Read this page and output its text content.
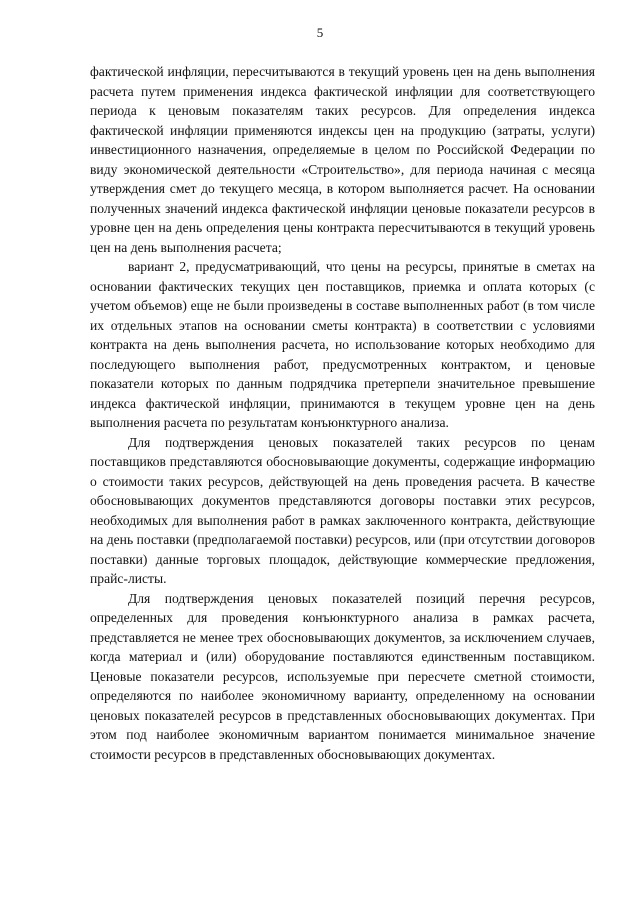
5

фактической инфляции, пересчитываются в текущий уровень цен на день выполнения расчета путем применения индекса фактической инфляции для соответствующего периода к ценовым показателям таких ресурсов. Для определения индекса фактической инфляции применяются индексы цен на продукцию (затраты, услуги) инвестиционного назначения, определяемые в целом по Российской Федерации по виду экономической деятельности «Строительство», для периода начиная с месяца утверждения смет до текущего месяца, в котором выполняется расчет. На основании полученных значений индекса фактической инфляции ценовые показатели ресурсов в уровне цен на день определения цены контракта пересчитываются в текущий уровень цен на день выполнения расчета;

вариант 2, предусматривающий, что цены на ресурсы, принятые в сметах на основании фактических текущих цен поставщиков, приемка и оплата которых (с учетом объемов) еще не были произведены в составе выполненных работ (в том числе их отдельных этапов на основании сметы контракта) в соответствии с условиями контракта на день выполнения расчета, но использование которых необходимо для последующего выполнения работ, предусмотренных контрактом, и ценовые показатели которых по данным подрядчика претерпели значительное превышение индекса фактической инфляции, принимаются в текущем уровне цен на день выполнения расчета по результатам конъюнктурного анализа.

Для подтверждения ценовых показателей таких ресурсов по ценам поставщиков представляются обосновывающие документы, содержащие информацию о стоимости таких ресурсов, действующей на день проведения расчета. В качестве обосновывающих документов представляются договоры поставки этих ресурсов, необходимых для выполнения работ в рамках заключенного контракта, действующие на день поставки (предполагаемой поставки) ресурсов, или (при отсутствии договоров поставки) данные торговых площадок, действующие коммерческие предложения, прайс-листы.

Для подтверждения ценовых показателей позиций перечня ресурсов, определенных для проведения конъюнктурного анализа в рамках расчета, представляется не менее трех обосновывающих документов, за исключением случаев, когда материал и (или) оборудование поставляются единственным поставщиком. Ценовые показатели ресурсов, используемые при пересчете сметной стоимости, определяются по наиболее экономичному варианту, определенному на основании ценовых показателей ресурсов в представленных обосновывающих документах. При этом под наиболее экономичным вариантом понимается минимальное значение стоимости ресурсов в представленных обосновывающих документах.
